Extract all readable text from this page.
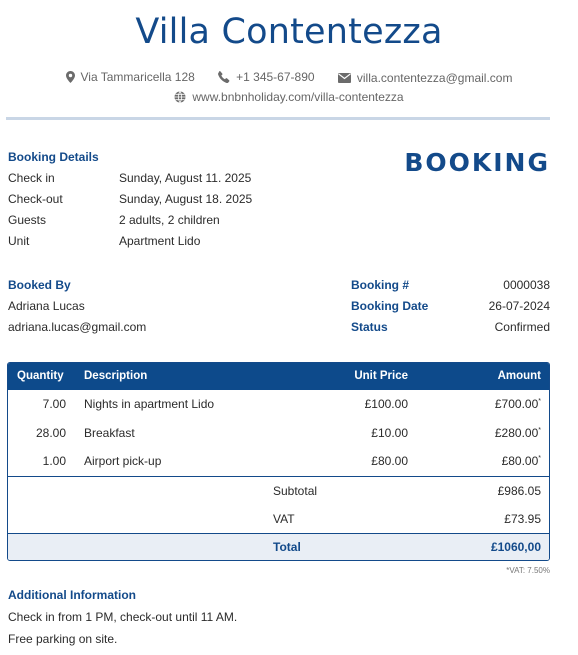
Villa Contentezza
Via Tammaricella 128
	+1 345-67-890
	villa.contentezza@gmail.com
www.bnbnholiday.com/villa-contentezza
Booking Details	BOOKING
Check in	Sunday, August 11. 2025
Check-out	Sunday, August 18. 2025
Guests	2 adults, 2 children
Unit	Apartment Lido
Booked By
Adriana Lucas
adriana.lucas@gmail.com
Booking #	0000038
Booking Date	26-07-2024
Status	Confirmed
Quantity Description	Unit Price	Amount
7.00 Nights in apartment Lido	£100.00	£700.00*
28.00 Breakfast	£10.00	£280.00*
1.00 Airport pick-up	£80.00	£80.00*
Subtotal	£986.05
VAT	£73.95
Total	£1060,00
*VAT: 7.50%
Additional Information
Check in from 1 PM, check-out until 11 AM.
Free parking on site.
